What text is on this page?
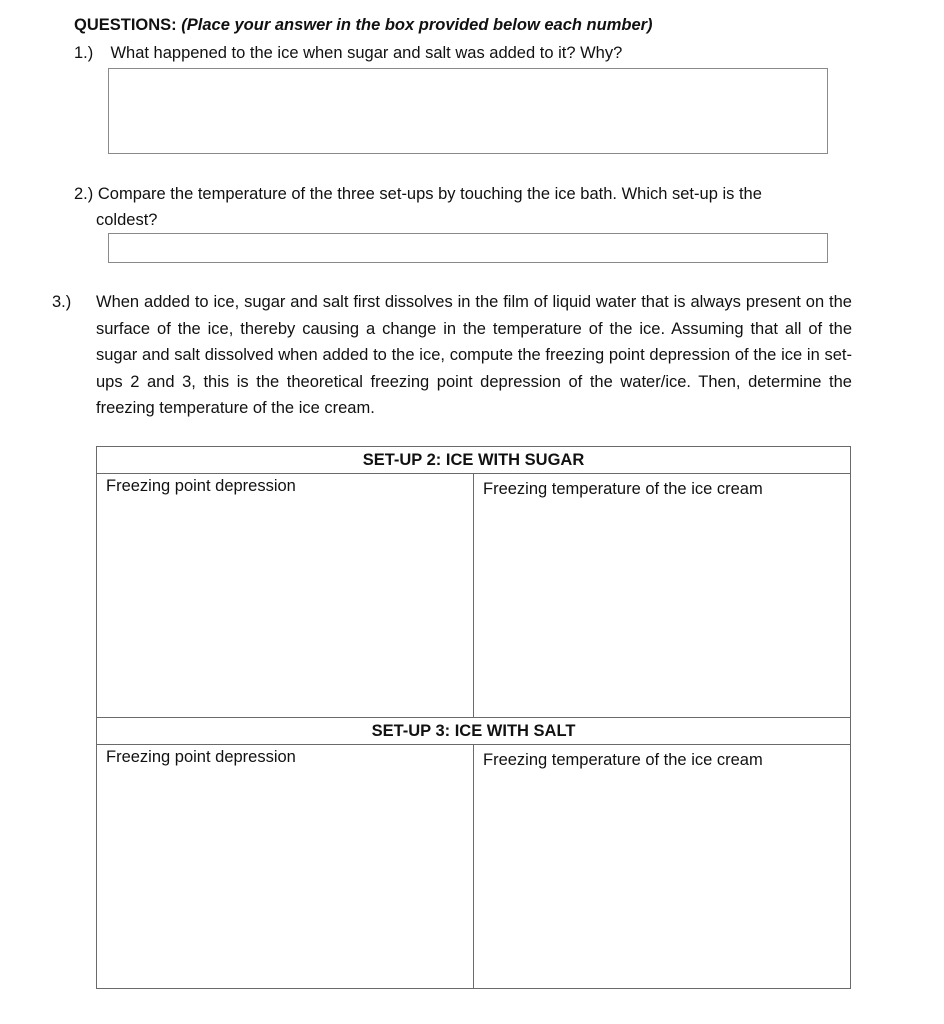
QUESTIONS: (Place your answer in the box provided below each number)
1.) What happened to the ice when sugar and salt was added to it? Why?
2.) Compare the temperature of the three set-ups by touching the ice bath. Which set-up is the
coldest?
3.) When added to ice, sugar and salt first dissolves in the film of liquid water that is always present on the surface of the ice, thereby causing a change in the temperature of the ice. Assuming that all of the sugar and salt dissolved when added to the ice, compute the freezing point depression of the ice in set-ups 2 and 3, this is the theoretical freezing point depression of the water/ice. Then, determine the freezing temperature of the ice cream.
SET-UP 2: ICE WITH SUGAR	
Freezing point depression	Freezing temperature of the ice cream
SET-UP 3: ICE WITH SALT	
Freezing point depression	Freezing temperature of the ice cream
